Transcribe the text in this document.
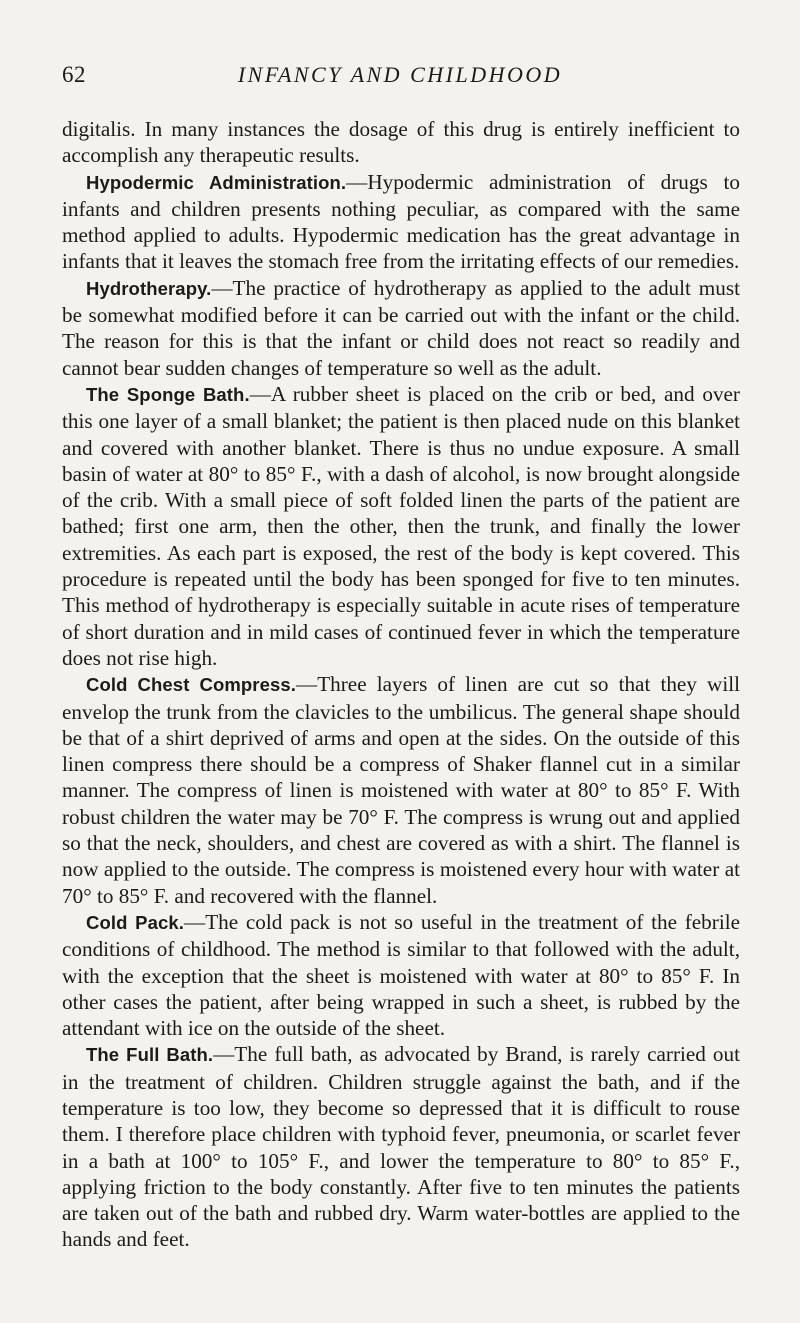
62	INFANCY AND CHILDHOOD

digitalis. In many instances the dosage of this drug is entirely inefficient to accomplish any therapeutic results.

Hypodermic Administration.—Hypodermic administration of drugs to infants and children presents nothing peculiar, as compared with the same method applied to adults. Hypodermic medication has the great advantage in infants that it leaves the stomach free from the irritating effects of our remedies.

Hydrotherapy.—The practice of hydrotherapy as applied to the adult must be somewhat modified before it can be carried out with the infant or the child. The reason for this is that the infant or child does not react so readily and cannot bear sudden changes of temperature so well as the adult.

The Sponge Bath.—A rubber sheet is placed on the crib or bed, and over this one layer of a small blanket; the patient is then placed nude on this blanket and covered with another blanket. There is thus no undue exposure. A small basin of water at 80° to 85° F., with a dash of alcohol, is now brought alongside of the crib. With a small piece of soft folded linen the parts of the patient are bathed; first one arm, then the other, then the trunk, and finally the lower extremities. As each part is exposed, the rest of the body is kept covered. This procedure is repeated until the body has been sponged for five to ten minutes. This method of hydrotherapy is especially suitable in acute rises of temperature of short duration and in mild cases of continued fever in which the temperature does not rise high.

Cold Chest Compress.—Three layers of linen are cut so that they will envelop the trunk from the clavicles to the umbilicus. The general shape should be that of a shirt deprived of arms and open at the sides. On the outside of this linen compress there should be a compress of Shaker flannel cut in a similar manner. The compress of linen is moistened with water at 80° to 85° F. With robust children the water may be 70° F. The compress is wrung out and applied so that the neck, shoulders, and chest are covered as with a shirt. The flannel is now applied to the outside. The compress is moistened every hour with water at 70° to 85° F. and recovered with the flannel.

Cold Pack.—The cold pack is not so useful in the treatment of the febrile conditions of childhood. The method is similar to that followed with the adult, with the exception that the sheet is moistened with water at 80° to 85° F. In other cases the patient, after being wrapped in such a sheet, is rubbed by the attendant with ice on the outside of the sheet.

The Full Bath.—The full bath, as advocated by Brand, is rarely carried out in the treatment of children. Children struggle against the bath, and if the temperature is too low, they become so depressed that it is difficult to rouse them. I therefore place children with typhoid fever, pneumonia, or scarlet fever in a bath at 100° to 105° F., and lower the temperature to 80° to 85° F., applying friction to the body constantly. After five to ten minutes the patients are taken out of the bath and rubbed dry. Warm water-bottles are applied to the hands and feet.
